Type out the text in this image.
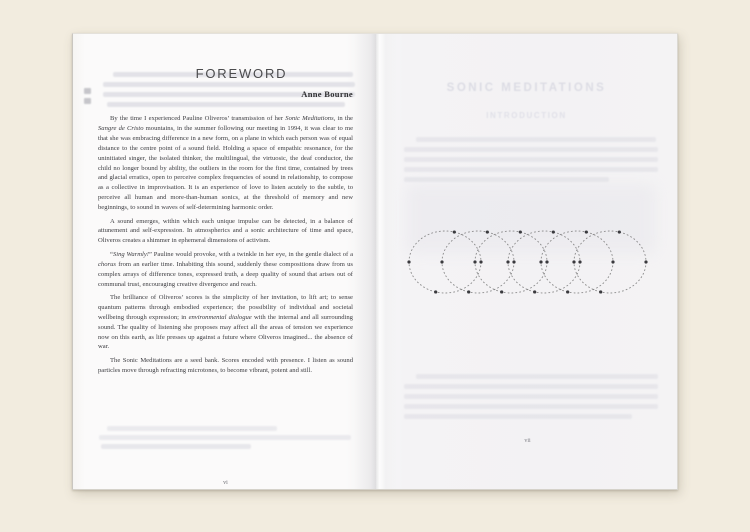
FOREWORD
Anne Bourne

By the time I experienced Pauline Oliveros’ transmission of her Sonic Meditations, in the Sangre de Cristo mountains, in the summer following our meeting in 1994, it was clear to me that she was embracing difference in a new form, on a plane in which each person was of equal distance to the centre point of a sound field. Holding a space of empathic resonance, for the uninitiated singer, the isolated thinker, the multilingual, the virtuosic, the deaf conductor, the child no longer bound by ability, the outliers in the room for the first time, contained by trees and glacial erratics, open to perceive complex frequencies of sound in relationship, to compose as a collective in improvisation. It is an experience of love to listen acutely to the subtle, to perceive all human and more-than-human sonics, at the threshold of memory and new beginnings, to sound in waves of self-determining harmonic order.

A sound emerges, within which each unique impulse can be detected, in a balance of attunement and self-expression. In atmospherics and a sonic architecture of time and space, Oliveros creates a shimmer in ephemeral dimensions of activism.

“Sing Warmly!” Pauline would provoke, with a twinkle in her eye, in the gentle dialect of a chorus from an earlier time. Inhabiting this sound, suddenly these compositions draw from us complex arrays of difference tones, expressed truth, a deep quality of sound that arises out of communal trust, encouraging creative divergence and reach.

The brilliance of Oliveros’ scores is the simplicity of her invitation, to lift art; to sense quantum patterns through embodied experience; the possibility of individual and societal wellbeing through expression; in environmental dialogue with the internal and all surrounding sound. The quality of listening she proposes may affect all the areas of tension we experience now on this earth, as life presses up against a future where Oliveros imagined... the absence of war.

The Sonic Meditations are a seed bank. Scores encoded with presence. I listen as sound particles move through refracting microtones, to become vibrant, potent and still.

vi
SONIC MEDITATIONS
INTRODUCTION
vii
